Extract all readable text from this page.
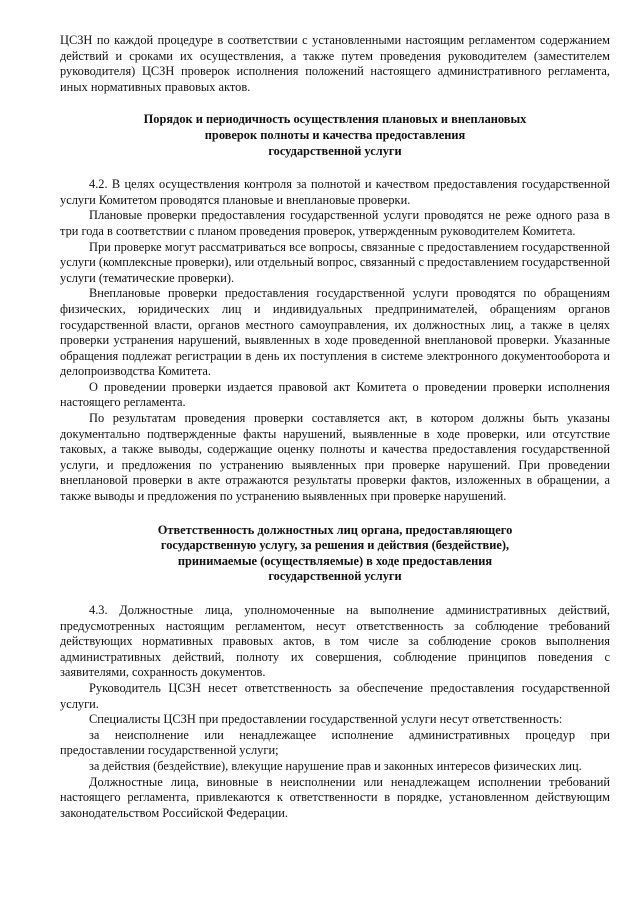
ЦСЗН по каждой процедуре в соответствии с установленными настоящим регламентом содержанием действий и сроками их осуществления, а также путем проведения руководителем (заместителем руководителя) ЦСЗН проверок исполнения положений настоящего административного регламента, иных нормативных правовых актов.

Порядок и периодичность осуществления плановых и внеплановых

проверок полноты и качества предоставления

государственной услуги

4.2. В целях осуществления контроля за полнотой и качеством предоставления государственной услуги Комитетом проводятся плановые и внеплановые проверки.

Плановые проверки предоставления государственной услуги проводятся не реже одного раза в три года в соответствии с планом проведения проверок, утвержденным руководителем Комитета.

При проверке могут рассматриваться все вопросы, связанные с предоставлением государственной услуги (комплексные проверки), или отдельный вопрос, связанный с предоставлением государственной услуги (тематические проверки).

Внеплановые проверки предоставления государственной услуги проводятся по обращениям физических, юридических лиц и индивидуальных предпринимателей, обращениям органов государственной власти, органов местного самоуправления, их должностных лиц, а также в целях проверки устранения нарушений, выявленных в ходе проведенной внеплановой проверки. Указанные обращения подлежат регистрации в день их поступления в системе электронного документооборота и делопроизводства Комитета.

О проведении проверки издается правовой акт Комитета о проведении проверки исполнения настоящего регламента.

По результатам проведения проверки составляется акт, в котором должны быть указаны документально подтвержденные факты нарушений, выявленные в ходе проверки, или отсутствие таковых, а также выводы, содержащие оценку полноты и качества предоставления государственной услуги, и предложения по устранению выявленных при проверке нарушений. При проведении внеплановой проверки в акте отражаются результаты проверки фактов, изложенных в обращении, а также выводы и предложения по устранению выявленных при проверке нарушений.

Ответственность должностных лиц органа, предоставляющего

государственную услугу, за решения и действия (бездействие),

принимаемые (осуществляемые) в ходе предоставления

государственной услуги

4.3. Должностные лица, уполномоченные на выполнение административных действий, предусмотренных настоящим регламентом, несут ответственность за соблюдение требований действующих нормативных правовых актов, в том числе за соблюдение сроков выполнения административных действий, полноту их совершения, соблюдение принципов поведения с заявителями, сохранность документов.

Руководитель ЦСЗН несет ответственность за обеспечение предоставления государственной услуги.

Специалисты ЦСЗН при предоставлении государственной услуги несут ответственность:

за неисполнение или ненадлежащее исполнение административных процедур при предоставлении государственной услуги;

за действия (бездействие), влекущие нарушение прав и законных интересов физических лиц.

Должностные лица, виновные в неисполнении или ненадлежащем исполнении требований настоящего регламента, привлекаются к ответственности в порядке, установленном действующим законодательством Российской Федерации.
